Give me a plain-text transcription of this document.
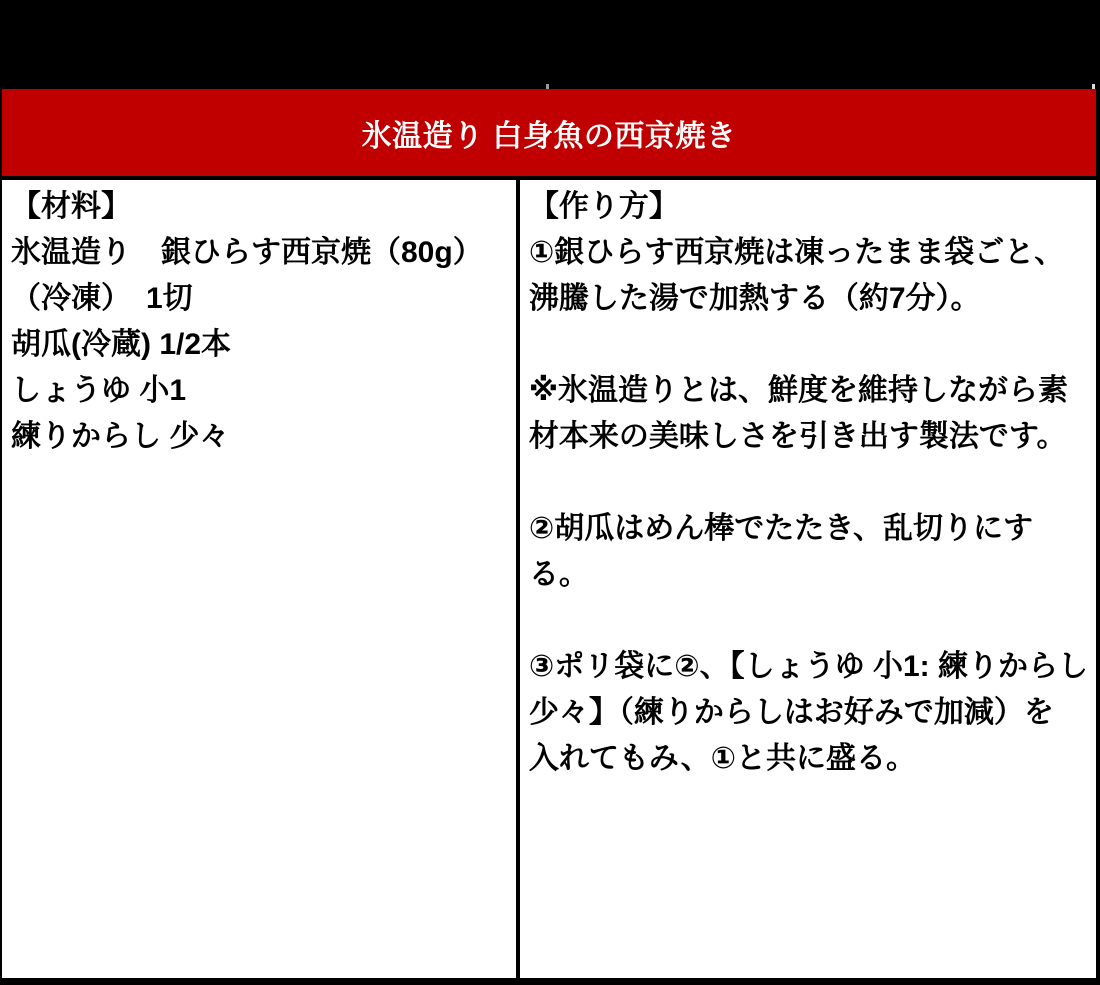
氷温造り 白身魚の西京焼き

【材料】

氷温造り　銀ひらす西京焼（80g）

（冷凍）　1切

胡瓜(冷蔵) 1/2本

しょうゆ 小1

練りからし 少々

【作り方】

①銀ひらす西京焼は凍ったまま袋ごと、

沸騰した湯で加熱する（約7分）。

※氷温造りとは、鮮度を維持しながら素

材本来の美味しさを引き出す製法です。

②胡瓜はめん棒でたたき、乱切りにす

る。

③ポリ袋に②、【しょうゆ 小1: 練りからし

少々】（練りからしはお好みで加減）を

入れてもみ、①と共に盛る。
